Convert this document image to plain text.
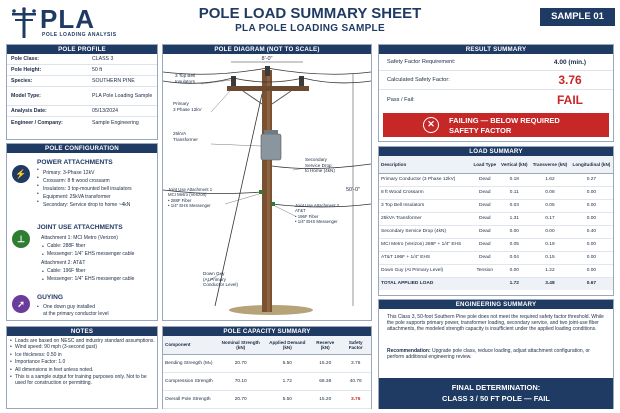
PLA
POLE LOADING ANALYSIS
POLE LOAD SUMMARY SHEET
PLA POLE LOADING SAMPLE
SAMPLE 01
POLE PROFILE
Pole Class:	CLASS 3
Pole Height:	50 ft
Species:	SOUTHERN PINE
Model Type:	PLA Pole Loading Sample
Analysis Date:	05/13/2024
Engineer / Company:	Sample Engineering
POLE CONFIGURATION
⚡
POWER ATTACHMENTS
Primary: 3-Phase 12kV
Crossarm: 8 ft wood crossarm
Insulators: 3 top-mounted bell insulators
Equipment: 25kVA transformer
Secondary: Service drop to home ~4kN
•
•
•
•
•
⊥
JOINT USE ATTACHMENTS
Attachment 1: MCI Metro (Verizon)
Cable: 288F fiber
Messenger: 1/4" EHS messenger cable
Attachment 2: AT&T
Cable: 196F fiber
Messenger: 1/4" EHS messenger cable
•
•
•
•
➚
GUYING
One down guy installed
at the primary conductor level
•
NOTES
• Loads are based on NESC and industry standard assumptions.
• Wind speed: 90 mph (3-second gust)
• Ice thickness: 0.50 in
• Importance Factor: 1.0
• All dimensions in feet unless noted.
• This is a sample output for training purposes only. Not to be used for construction or permitting.
POLE DIAGRAM (NOT TO SCALE)
8'-0"
50'-0"
3 Top Bell
Insulators
Primary
3 Phase 12kV
25kVA
Transformer
Secondary
Service Drop
to Home (4kN)
Joint Use Attachment 1
MCI Metro (Verizon)
• 288F Fiber
• 1/4" EHS Messenger	Joint Use Attachment 2
AT&T
• 196F Fiber
• 1/4" EHS Messenger
Down Guy
(At Primary
Conductor Level)
POLE CAPACITY SUMMARY
Component	Nominal Strength (kN)	Applied Demand (kN)	Reserve (kN)	Safety Factor
Bending Strength (Mₙ)	20.70	5.50	15.20	3.76
Compression Strength	70.10	1.72	68.38	40.76
Overall Pole Strength	20.70	5.50	15.20	3.76
RESULT SUMMARY
Safety Factor Requirement:	4.00 (min.)
Calculated Safety Factor:	3.76
Pass / Fail:	FAIL
✕	FAILING — BELOW REQUIRED
SAFETY FACTOR
LOAD SUMMARY
Description	Load Type	Vertical (kN)	Transverse (kN)	Longitudinal (kN)
Primary Conductor (3 Phase 12kV)	Dead	0.18	1.62	0.27
8 ft Wood Crossarm	Dead	0.11	0.08	0.00
3 Top Bell Insulators	Dead	0.03	0.05	0.00
25kVA Transformer	Dead	1.31	0.17	0.00
Secondary Service Drop (4kN)	Dead	0.00	0.00	0.40
MCI Metro (Verizon) 288F + 1/4" EHS	Dead	0.05	0.19	0.00
AT&T 196F + 1/4" EHS	Dead	0.04	0.15	0.00
Down Guy (At Primary Level)	Tension	0.00	1.22	0.00
TOTAL APPLIED LOAD		1.72	3.48	0.67
ENGINEERING SUMMARY
This Class 3, 50-foot Southern Pine pole does not meet the required safety factor threshold. While the pole supports primary power, transformer loading, secondary service, and two joint-use fiber attachments, the modeled strength capacity is insufficient under the applied loading conditions.
Recommendation: Upgrade pole class, reduce loading, adjust attachment configuration, or perform additional engineering review.
FINAL DETERMINATION:
CLASS 3 / 50 FT POLE — FAIL
